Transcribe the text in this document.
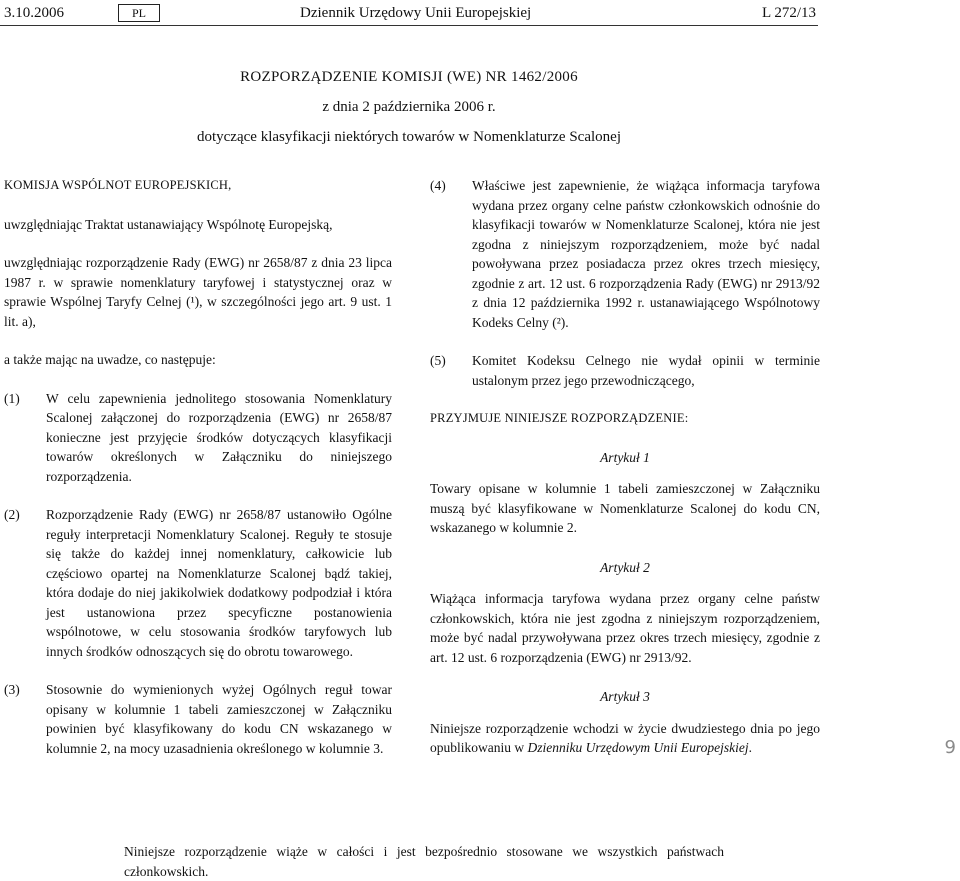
3.10.2006	PL	Dziennik Urzędowy Unii Europejskiej	L 272/13
ROZPORZĄDZENIE KOMISJI (WE) NR 1462/2006
z dnia 2 października 2006 r.
dotyczące klasyfikacji niektórych towarów w Nomenklaturze Scalonej

KOMISJA WSPÓLNOT EUROPEJSKICH,

uwzględniając Traktat ustanawiający Wspólnotę Europejską,

uwzględniając rozporządzenie Rady (EWG) nr 2658/87 z dnia 23 lipca 1987 r. w sprawie nomenklatury taryfowej i statystycznej oraz w sprawie Wspólnej Taryfy Celnej (¹), w szczególności jego art. 9 ust. 1 lit. a),

a także mając na uwadze, co następuje:

(1)	W celu zapewnienia jednolitego stosowania Nomenklatury Scalonej załączonej do rozporządzenia (EWG) nr 2658/87 konieczne jest przyjęcie środków dotyczących klasyfikacji towarów określonych w Załączniku do niniejszego rozporządzenia.
(2)	Rozporządzenie Rady (EWG) nr 2658/87 ustanowiło Ogólne reguły interpretacji Nomenklatury Scalonej. Reguły te stosuje się także do każdej innej nomenklatury, całkowicie lub częściowo opartej na Nomenklaturze Scalonej bądź takiej, która dodaje do niej jakikolwiek dodatkowy podpodział i która jest ustanowiona przez specyficzne postanowienia wspólnotowe, w celu stosowania środków taryfowych lub innych środków odnoszących się do obrotu towarowego.
(3)	Stosownie do wymienionych wyżej Ogólnych reguł towar opisany w kolumnie 1 tabeli zamieszczonej w Załączniku powinien być klasyfikowany do kodu CN wskazanego w kolumnie 2, na mocy uzasadnienia określonego w kolumnie 3.
(4)	Właściwe jest zapewnienie, że wiążąca informacja taryfowa wydana przez organy celne państw członkowskich odnośnie do klasyfikacji towarów w Nomenklaturze Scalonej, która nie jest zgodna z niniejszym rozporządzeniem, może być nadal powoływana przez posiadacza przez okres trzech miesięcy, zgodnie z art. 12 ust. 6 rozporządzenia Rady (EWG) nr 2913/92 z dnia 12 października 1992 r. ustanawiającego Wspólnotowy Kodeks Celny (²).
(5)	Komitet Kodeksu Celnego nie wydał opinii w terminie ustalonym przez jego przewodniczącego,

PRZYJMUJE NINIEJSZE ROZPORZĄDZENIE:

Artykuł 1

Towary opisane w kolumnie 1 tabeli zamieszczonej w Załączniku muszą być klasyfikowane w Nomenklaturze Scalonej do kodu CN, wskazanego w kolumnie 2.

Artykuł 2

Wiążąca informacja taryfowa wydana przez organy celne państw członkowskich, która nie jest zgodna z niniejszym rozporządzeniem, może być nadal przywoływana przez okres trzech miesięcy, zgodnie z art. 12 ust. 6 rozporządzenia (EWG) nr 2913/92.

Artykuł 3

Niniejsze rozporządzenie wchodzi w życie dwudziestego dnia po jego opublikowaniu w Dzienniku Urzędowym Unii Europejskiej.

Niniejsze rozporządzenie wiąże w całości i jest bezpośrednio stosowane we wszystkich państwach członkowskich.
9
